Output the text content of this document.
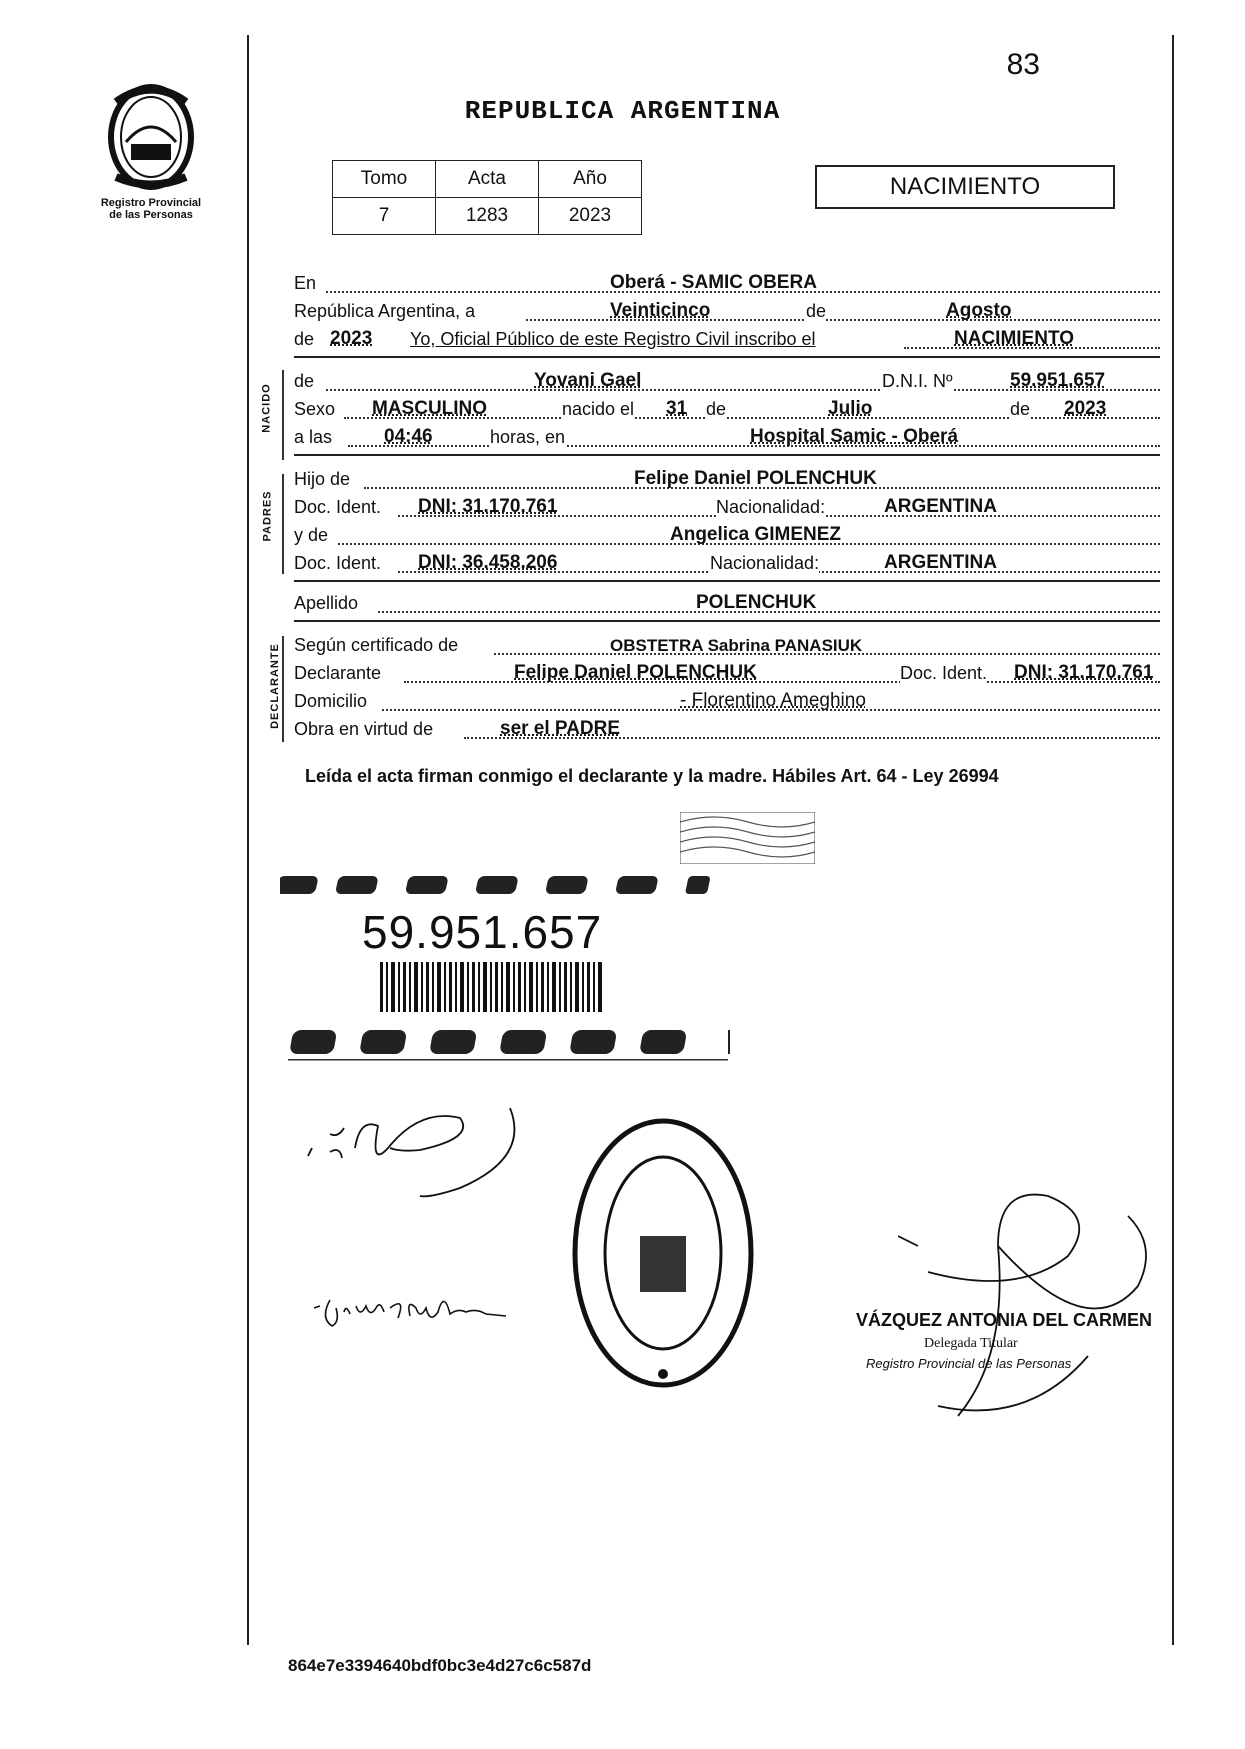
Registro Provincial
de las Personas
83
REPUBLICA ARGENTINA
Tomo	Acta	Año
7	1283	2023
NACIMIENTO
En	Oberá - SAMIC OBERA
República Argentina, a	Veinticinco	de	Agosto
de 2023 Yo, Oficial Público de este Registro Civil inscribo el	NACIMIENTO
NACIDO
de	Yovani Gael	D.N.I. Nº	59.951.657
Sexo MASCULINO	nacido el 31 de	Julio	de 2023
a las	04:46	horas, en	Hospital Samic - Oberá
PADRES
Hijo de	Felipe Daniel POLENCHUK
Doc. Ident. DNI: 31.170.761	Nacionalidad:	ARGENTINA
y de	Angelica GIMENEZ
Doc. Ident. DNI: 36.458.206	Nacionalidad:	ARGENTINA
Apellido	POLENCHUK
DECLARANTE Según certificado de	OBSTETRA Sabrina PANASIUK
Declarante	Felipe Daniel POLENCHUK	Doc. Ident. DNI: 31.170.761
Domicilio	- Florentino Ameghino
Obra en virtud de	ser el PADRE
Leída el acta firman conmigo el declarante y la madre. Hábiles Art. 64 - Ley 26994
59.951.657
VÁZQUEZ ANTONIA DEL CARMEN
Delegada Titular
Registro Provincial de las Personas
864e7e3394640bdf0bc3e4d27c6c587d
